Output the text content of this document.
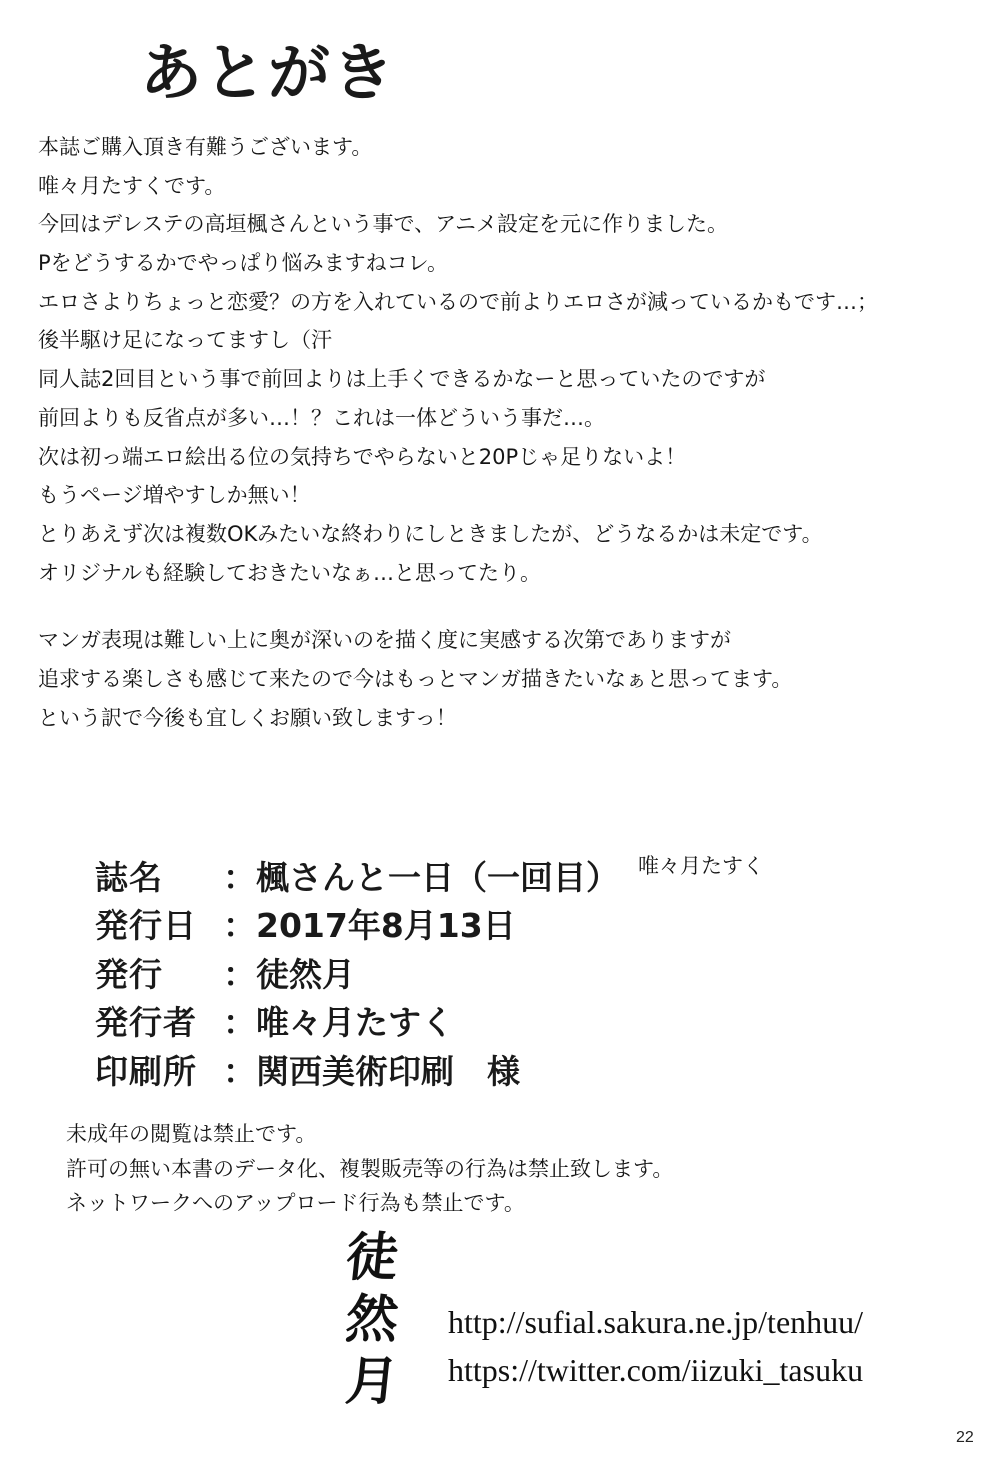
あとがき
本誌ご購入頂き有難うございます。
唯々月たすくです。
今回はデレステの高垣楓さんという事で、アニメ設定を元に作りました。
Pをどうするかでやっぱり悩みますねコレ。
エロさよりちょっと恋愛？の方を入れているので前よりエロさが減っているかもです…；
後半駆け足になってますし（汗
同人誌2回目という事で前回よりは上手くできるかなーと思っていたのですが
前回よりも反省点が多い…！？これは一体どういう事だ…。
次は初っ端エロ絵出る位の気持ちでやらないと20Pじゃ足りないよ！
もうページ増やすしか無い！
とりあえず次は複数OKみたいな終わりにしときましたが、どうなるかは未定です。
オリジナルも経験しておきたいなぁ…と思ってたり。
マンガ表現は難しい上に奥が深いのを描く度に実感する次第でありますが
追求する楽しさも感じて来たので今はもっとマンガ描きたいなぁと思ってます。
という訳で今後も宜しくお願い致しますっ！
誌名	：楓さんと一日（一回目）
発行日 ：2017年8月13日
発行	：徒然月
発行者 ：唯々月たすく
印刷所 ：関西美術印刷　様
唯々月たすく
未成年の閲覧は禁止です。
許可の無い本書のデータ化、複製販売等の行為は禁止致します。
ネットワークへのアップロード行為も禁止です。
徒
然
月
http://sufial.sakura.ne.jp/tenhuu/
https://twitter.com/iizuki_tasuku
22
